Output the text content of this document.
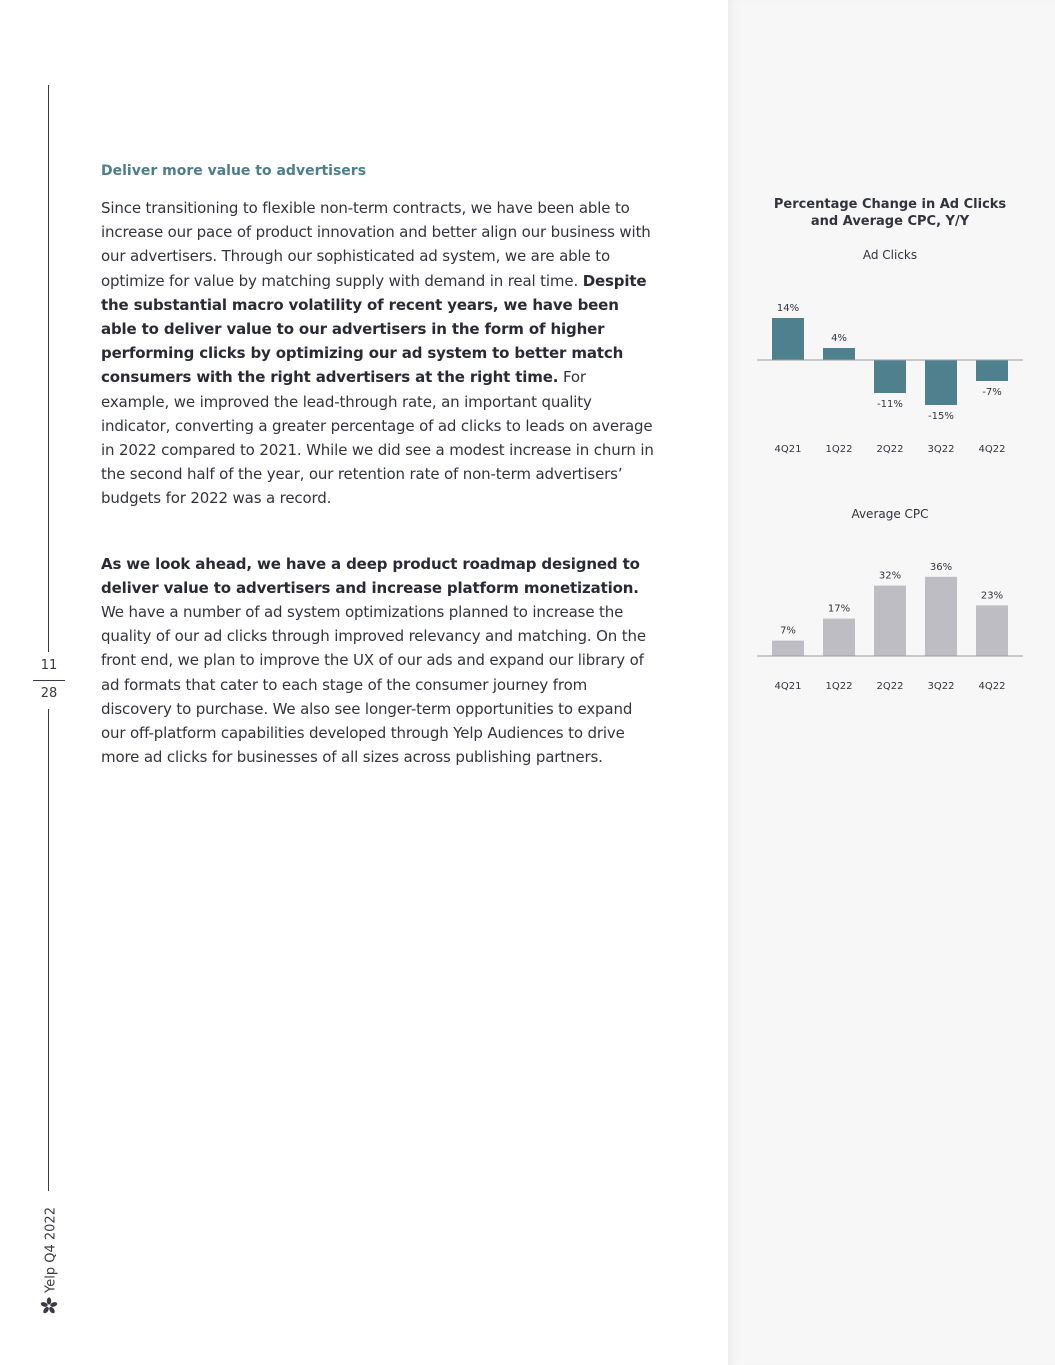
11
28
Yelp Q4 2022
Deliver more value to advertisers

Since transitioning to flexible non-term contracts, we have been able to increase our pace of product innovation and better align our business with our advertisers. Through our sophisticated ad system, we are able to optimize for value by matching supply with demand in real time. Despite the substantial macro volatility of recent years, we have been able to deliver value to our advertisers in the form of higher performing clicks by optimizing our ad system to better match consumers with the right advertisers at the right time. For example, we improved the lead-through rate, an important quality indicator, converting a greater percentage of ad clicks to leads on average in 2022 compared to 2021. While we did see a modest increase in churn in the second half of the year, our retention rate of non-term advertisers’ budgets for 2022 was a record.

As we look ahead, we have a deep product roadmap designed to deliver value to advertisers and increase platform monetization. We have a number of ad system optimizations planned to increase the quality of our ad clicks through improved relevancy and matching. On the front end, we plan to improve the UX of our ads and expand our library of ad formats that cater to each stage of the consumer journey from discovery to purchase. We also see longer-term opportunities to expand our off-platform capabilities developed through Yelp Audiences to drive more ad clicks for businesses of all sizes across publishing partners.

Percentage Change in Ad Clicks and Average CPC, Y/Y
Ad Clicks
14%
4Q21
4%
1Q22
-11%
2Q22
-15%
3Q22
-7%
4Q22
Average CPC
7%
4Q21
17%
1Q22
32%
2Q22
36%
3Q22
23%
4Q22
